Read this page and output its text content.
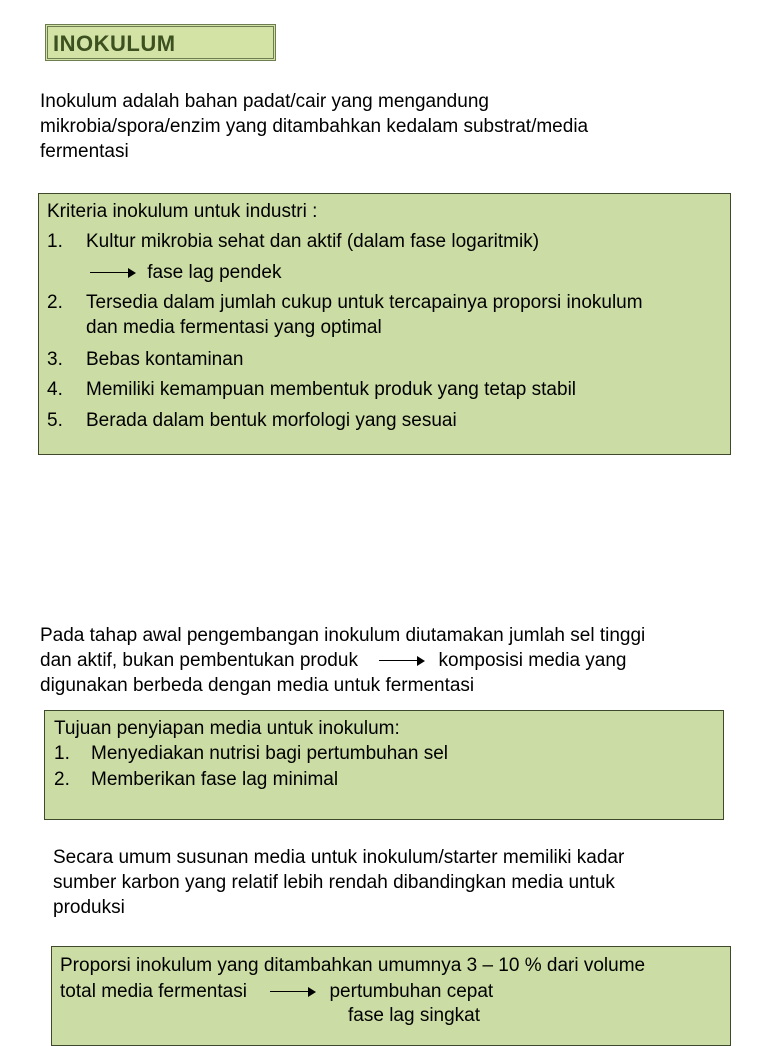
INOKULUM
Inokulum adalah bahan padat/cair yang mengandung
mikrobia/spora/enzim yang ditambahkan kedalam substrat/media
fermentasi
Kriteria inokulum untuk industri :
1. Kultur mikrobia sehat dan aktif (dalam fase logaritmik)
fase lag pendek
2. Tersedia dalam jumlah cukup untuk tercapainya proporsi inokulum
dan media fermentasi yang optimal
3. Bebas kontaminan
4. Memiliki kemampuan membentuk produk yang tetap stabil
5. Berada dalam bentuk morfologi yang sesuai
Pada tahap awal pengembangan inokulum diutamakan jumlah sel tinggi
dan aktif, bukan pembentukan produk	komposisi media yang
digunakan berbeda dengan media untuk fermentasi
Tujuan penyiapan media untuk inokulum:
1. Menyediakan nutrisi bagi pertumbuhan sel
2. Memberikan fase lag minimal
Secara umum susunan media untuk inokulum/starter memiliki kadar
sumber karbon yang relatif lebih rendah dibandingkan media untuk
produksi
Proporsi inokulum yang ditambahkan umumnya 3 – 10 % dari volume
total media fermentasi	pertumbuhan cepat
fase lag singkat
